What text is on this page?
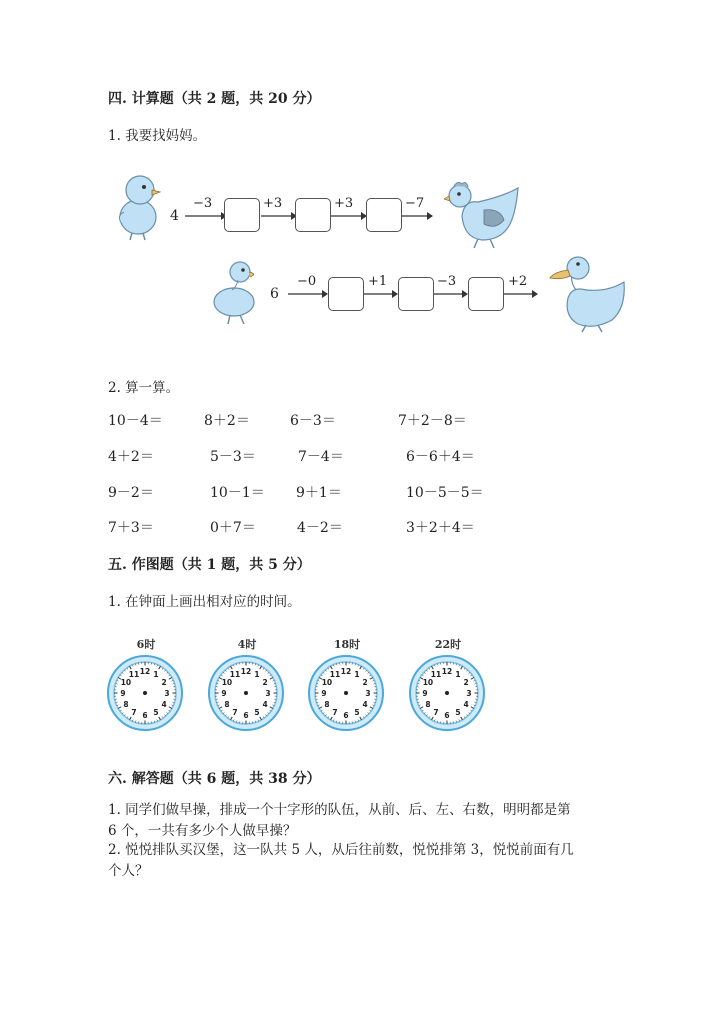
四. 计算题（共 2 题，共 20 分）
1. 我要找妈妈。
4
−3	+3	+3	−7
6
−0	+1	−3	+2
2. 算一算。
10－4＝	8＋2＝	6－3＝	7＋2－8＝
4＋2＝	5－3＝	7－4＝	6－6＋4＝
9－2＝	10－1＝ 9＋1＝	10－5－5＝
7＋3＝	0＋7＝	4－2＝	3＋2＋4＝
五. 作图题（共 1 题，共 5 分）
1. 在钟面上画出相对应的时间。
6时
12 1
2
3
4
5
6
7
8
9
10
11
4时
12 1
2
3
4
5
6
7
8
9
10
11
18时
12 1
2
3
4
5
6
7
8
9
10
11
22时
12 1
2
3
4
5
6
7
8
9
10
11
六. 解答题（共 6 题，共 38 分）
1. 同学们做早操，排成一个十字形的队伍，从前、后、左、右数，明明都是第
6 个，一共有多少个人做早操？
2. 悦悦排队买汉堡，这一队共 5 人，从后往前数，悦悦排第 3，悦悦前面有几
个人？
